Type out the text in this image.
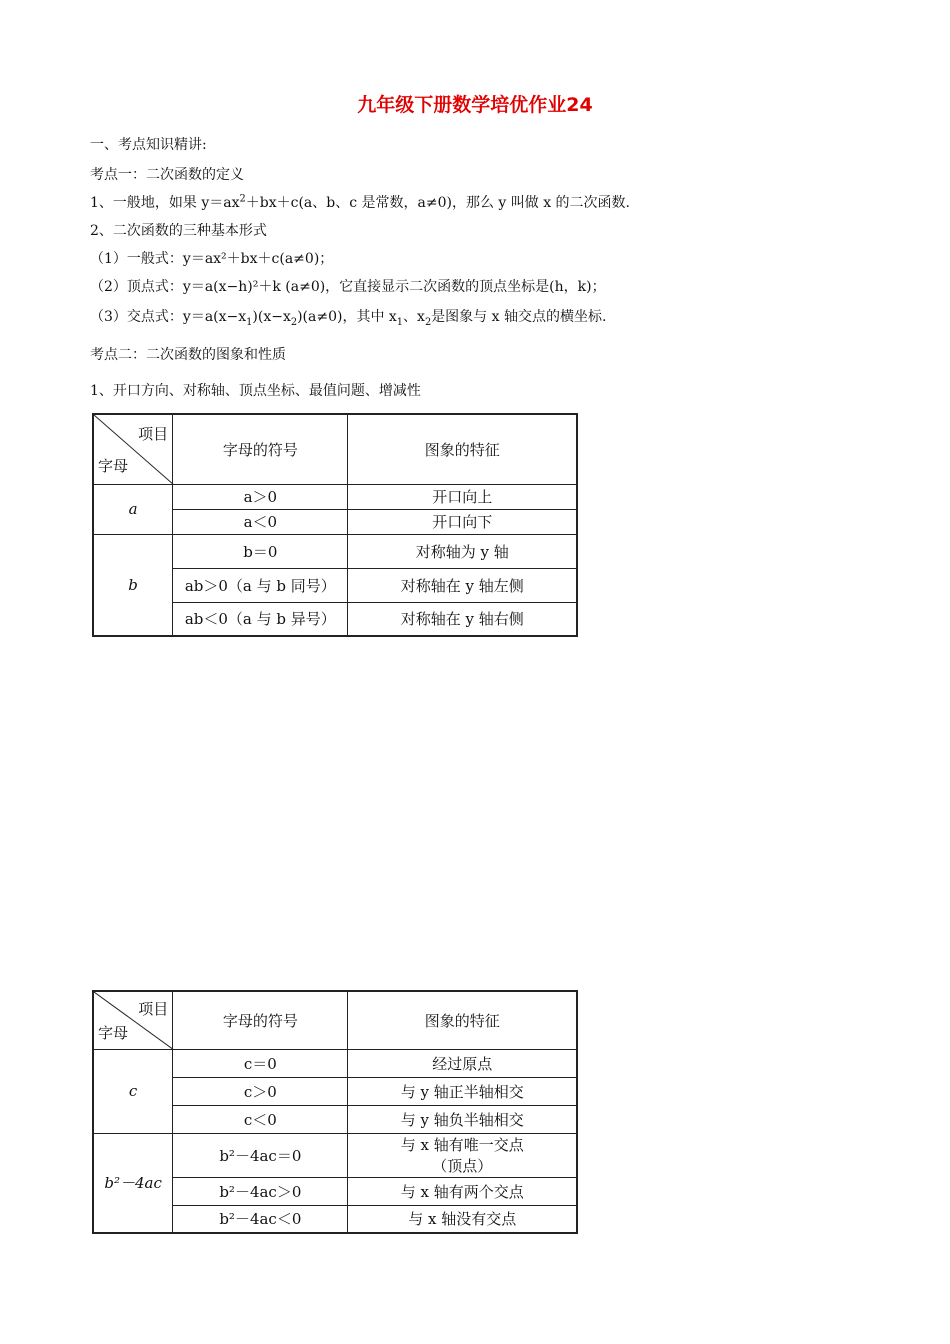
九年级下册数学培优作业24
一、考点知识精讲:
考点一：二次函数的定义
1、一般地，如果 $y=ax^2+bx+c(a$、b、c 是常数，a≠0)，那么 y 叫做 x 的二次函数.
2、二次函数的三种基本形式
（1）一般式：y＝ax²＋bx＋c(a≠0)；
（2）顶点式：y＝a(x−h)²＋k (a≠0)，它直接显示二次函数的顶点坐标是(h，k)；
（3）交点式：$y=a(x-x_1)(x-x_2)(a\ne 0)$，其中 $x_1$、$x_2$是图象与 x 轴交点的横坐标.
考点二：二次函数的图象和性质
1、开口方向、对称轴、顶点坐标、最值问题、增减性
项目
字母	字母的符号	图象的特征
a	a＞0	开口向上
	a＜0	开口向下
b	b＝0	对称轴为 y 轴
	ab＞0（a 与 b 同号）	对称轴在 y 轴左侧
	ab＜0（a 与 b 异号）	对称轴在 y 轴右侧
项目
字母	字母的符号	图象的特征
c	c＝0	经过原点
	c＞0	与 y 轴正半轴相交
	c＜0	与 y 轴负半轴相交
b²－4ac	b²－4ac＝0	与 x 轴有唯一交点
（顶点）

	b²－4ac＞0	与 x 轴有两个交点
	b²－4ac＜0	与 x 轴没有交点
